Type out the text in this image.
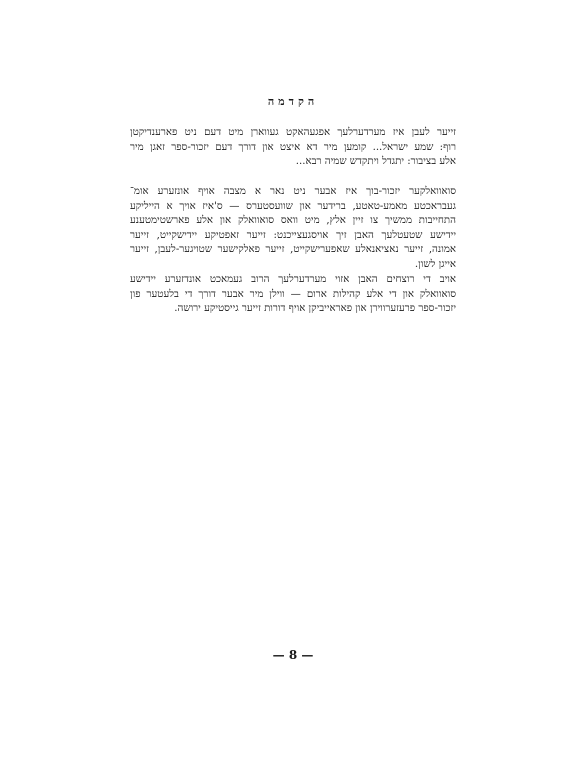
הקדמה
זייער לעבן איז מערדערלעך אפגעהאקט געווארן מיט דעם ניט פארענדיקטן
רוף: שמע ישראל... קומען מיר דא איצט און דורך דעם יזכור-ספר זאגן מיר
אלע בציבור: יתגדל ויתקדש שמיה רבא...
סואוואלקער יזכור-בוך איז אבער ניט נאר א מצבה אויף אונזערע אומ־
געבראכטע מאמע-טאטע, ברידער און שוועסטערס — ס'איז אויך א הייליקע
התחייבות ממשיך צו זיין אלץ, מיט וואס סואוואלק און אלע פארשטימטענע
יידישע שטעטלעך האבן זיך אויסגעצייכנט: זייער זאפטיקע יידישקייט, זייער
אמונה, זייער נאציאנאלע שאפערישקייט, זייער פאלקישער שטויגער-לעבן, זייער
אייגן לשון.
אויב די רוצחים האבן אזוי מערדערלעך הרוב געמאכט אונדזערע יידישע
סואוואלק און די אלע קהילות ארום — ווילן מיר אבער דורך די בלעטער פון
יזכור-ספר פרעזערווירן און פאראייביקן אויף דורות זייער גייסטיקע ירושה.
— 8 —
